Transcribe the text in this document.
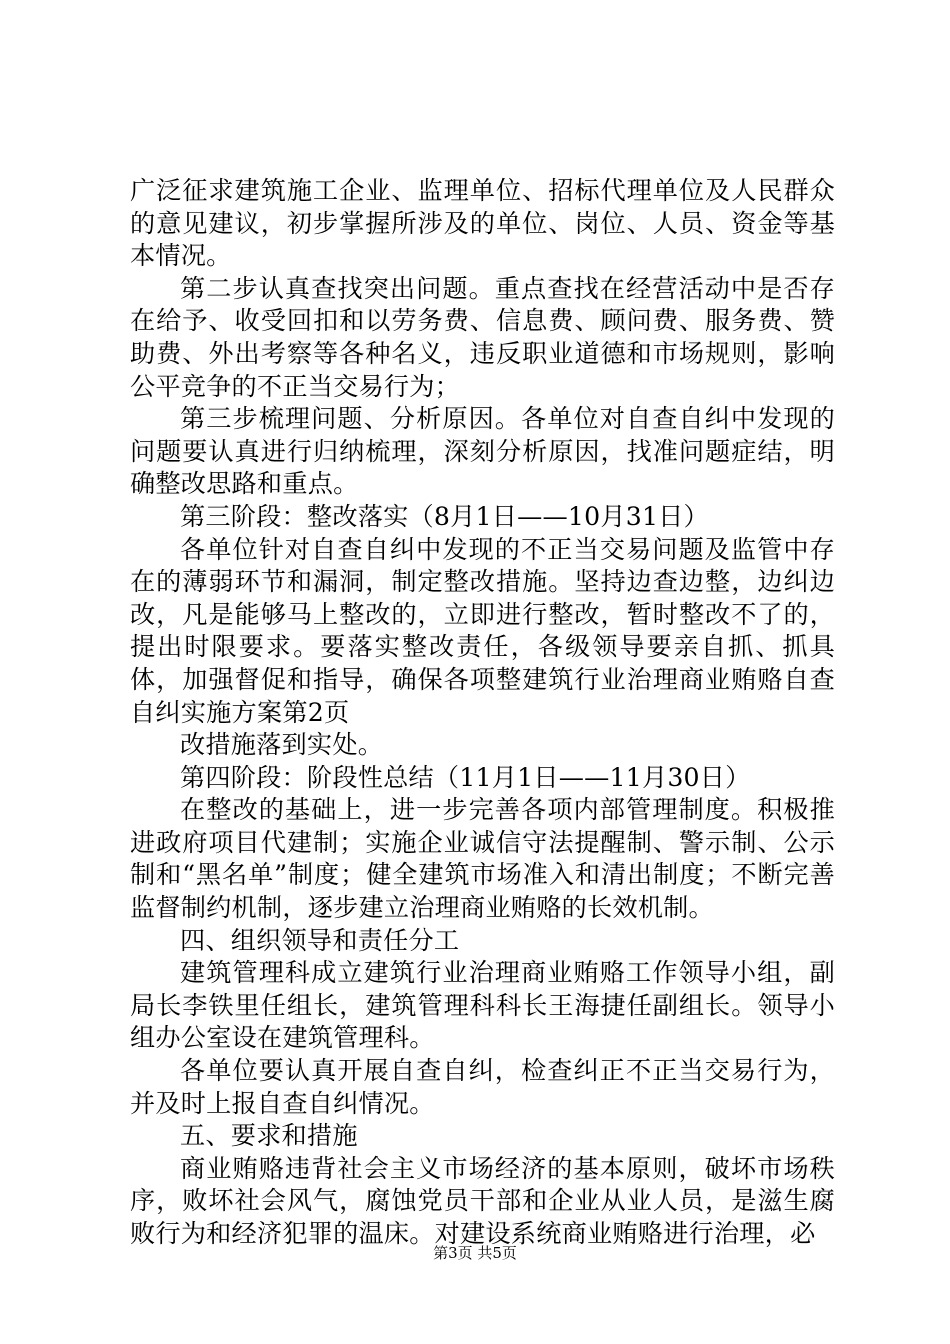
广泛征求建筑施工企业、监理单位、招标代理单位及人民群众的意见建议，初步掌握所涉及的单位、岗位、人员、资金等基本情况。

第二步认真查找突出问题。重点查找在经营活动中是否存在给予、收受回扣和以劳务费、信息费、顾问费、服务费、赞助费、外出考察等各种名义，违反职业道德和市场规则，影响公平竞争的不正当交易行为；

第三步梳理问题、分析原因。各单位对自查自纠中发现的问题要认真进行归纳梳理，深刻分析原因，找准问题症结，明确整改思路和重点。

第三阶段：整改落实（8月1日——10月31日）

各单位针对自查自纠中发现的不正当交易问题及监管中存在的薄弱环节和漏洞，制定整改措施。坚持边查边整，边纠边改，凡是能够马上整改的，立即进行整改，暂时整改不了的，提出时限要求。要落实整改责任，各级领导要亲自抓、抓具体，加强督促和指导，确保各项整建筑行业治理商业贿赂自查自纠实施方案第2页

改措施落到实处。

第四阶段：阶段性总结（11月1日——11月30日）

在整改的基础上，进一步完善各项内部管理制度。积极推进政府项目代建制；实施企业诚信守法提醒制、警示制、公示制和“黑名单”制度；健全建筑市场准入和清出制度；不断完善监督制约机制，逐步建立治理商业贿赂的长效机制。

四、组织领导和责任分工

建筑管理科成立建筑行业治理商业贿赂工作领导小组，副局长李铁里任组长，建筑管理科科长王海捷任副组长。领导小组办公室设在建筑管理科。

各单位要认真开展自查自纠，检查纠正不正当交易行为，并及时上报自查自纠情况。

五、要求和措施

商业贿赂违背社会主义市场经济的基本原则，破坏市场秩序，败坏社会风气，腐蚀党员干部和企业从业人员，是滋生腐败行为和经济犯罪的温床。对建设系统商业贿赂进行治理，必

第3页 共5页
